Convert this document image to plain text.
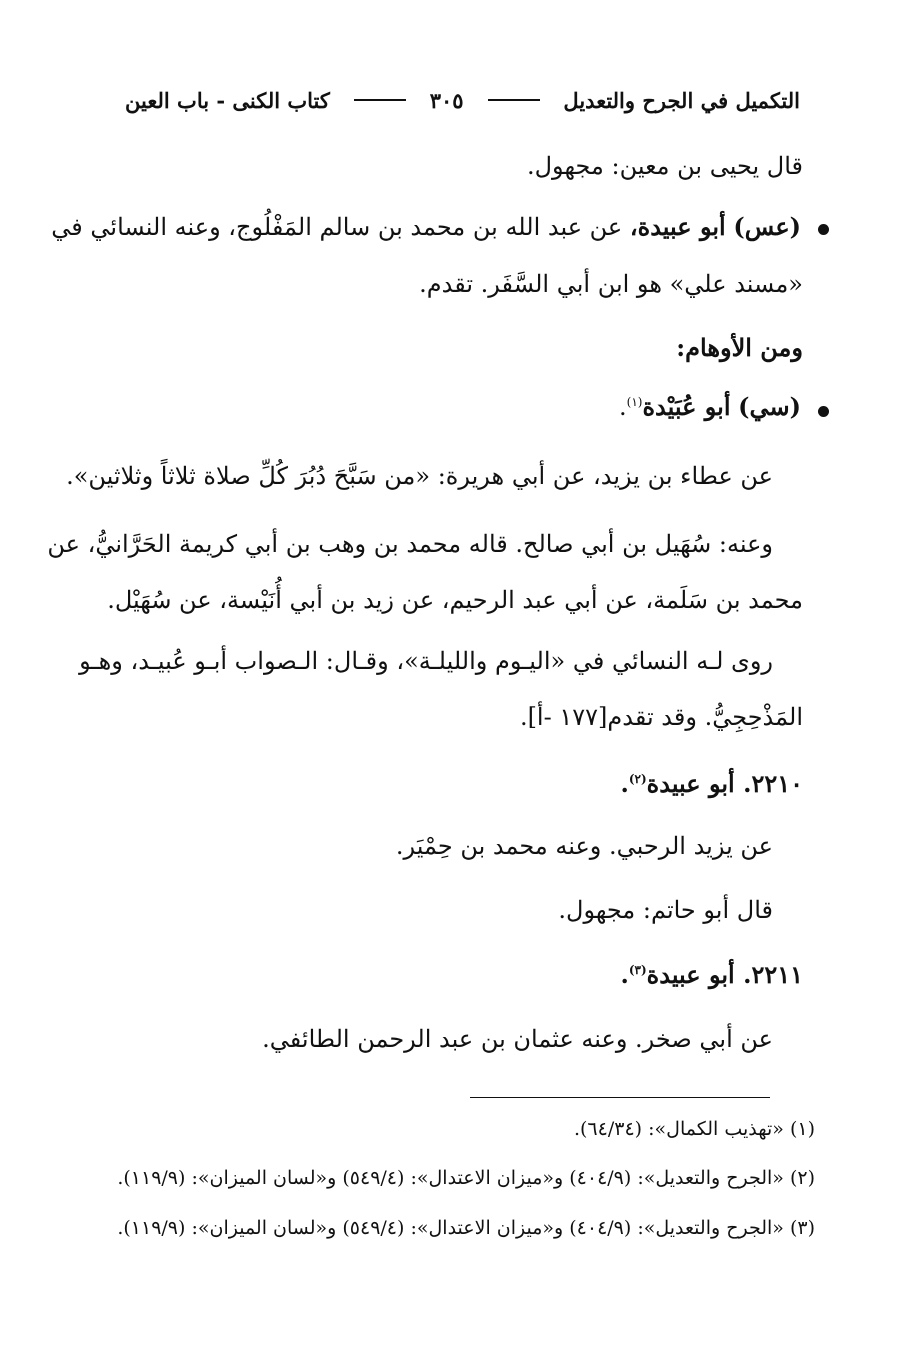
التكميل في الجرح والتعديل
٣٠٥
كتاب الكنى - باب العين
قال يحيى بن معين: مجهول.
(عس) أبو عبيدة، عن عبد الله بن محمد بن سالم المَفْلُوج، وعنه النسائي في
«مسند علي» هو ابن أبي السَّفَر. تقدم.
ومن الأوهام:
(سي) أبو عُبَيْدة$^{(١)}$.
عن عطاء بن يزيد، عن أبي هريرة: «من سَبَّحَ دُبُرَ كُلِّ صلاة ثلاثاً وثلاثين».
وعنه: سُهَيل بن أبي صالح. قاله محمد بن وهب بن أبي كريمة الحَرَّانيُّ، عن
محمد بن سَلَمة، عن أبي عبد الرحيم، عن زيد بن أبي أُنَيْسة، عن سُهَيْل.
روى لـه النسائي في «اليـوم والليلـة»، وقـال: الـصواب أبـو عُبيـد، وهـو
المَذْحِجِيُّ. وقد تقدم[١٧٧ -أ].
٢٢١٠. أبو عبيدة$^{(٢)}$.
عن يزيد الرحبي. وعنه محمد بن حِمْيَر.
قال أبو حاتم: مجهول.
٢٢١١. أبو عبيدة$^{(٣)}$.
عن أبي صخر. وعنه عثمان بن عبد الرحمن الطائفي.
(١) «تهذيب الكمال»: (٦٤/٣٤).
(٢) «الجرح والتعديل»: (٤٠٤/٩) و«ميزان الاعتدال»: (٥٤٩/٤) و«لسان الميزان»: (١١٩/٩).
(٣) «الجرح والتعديل»: (٤٠٤/٩) و«ميزان الاعتدال»: (٥٤٩/٤) و«لسان الميزان»: (١١٩/٩).
